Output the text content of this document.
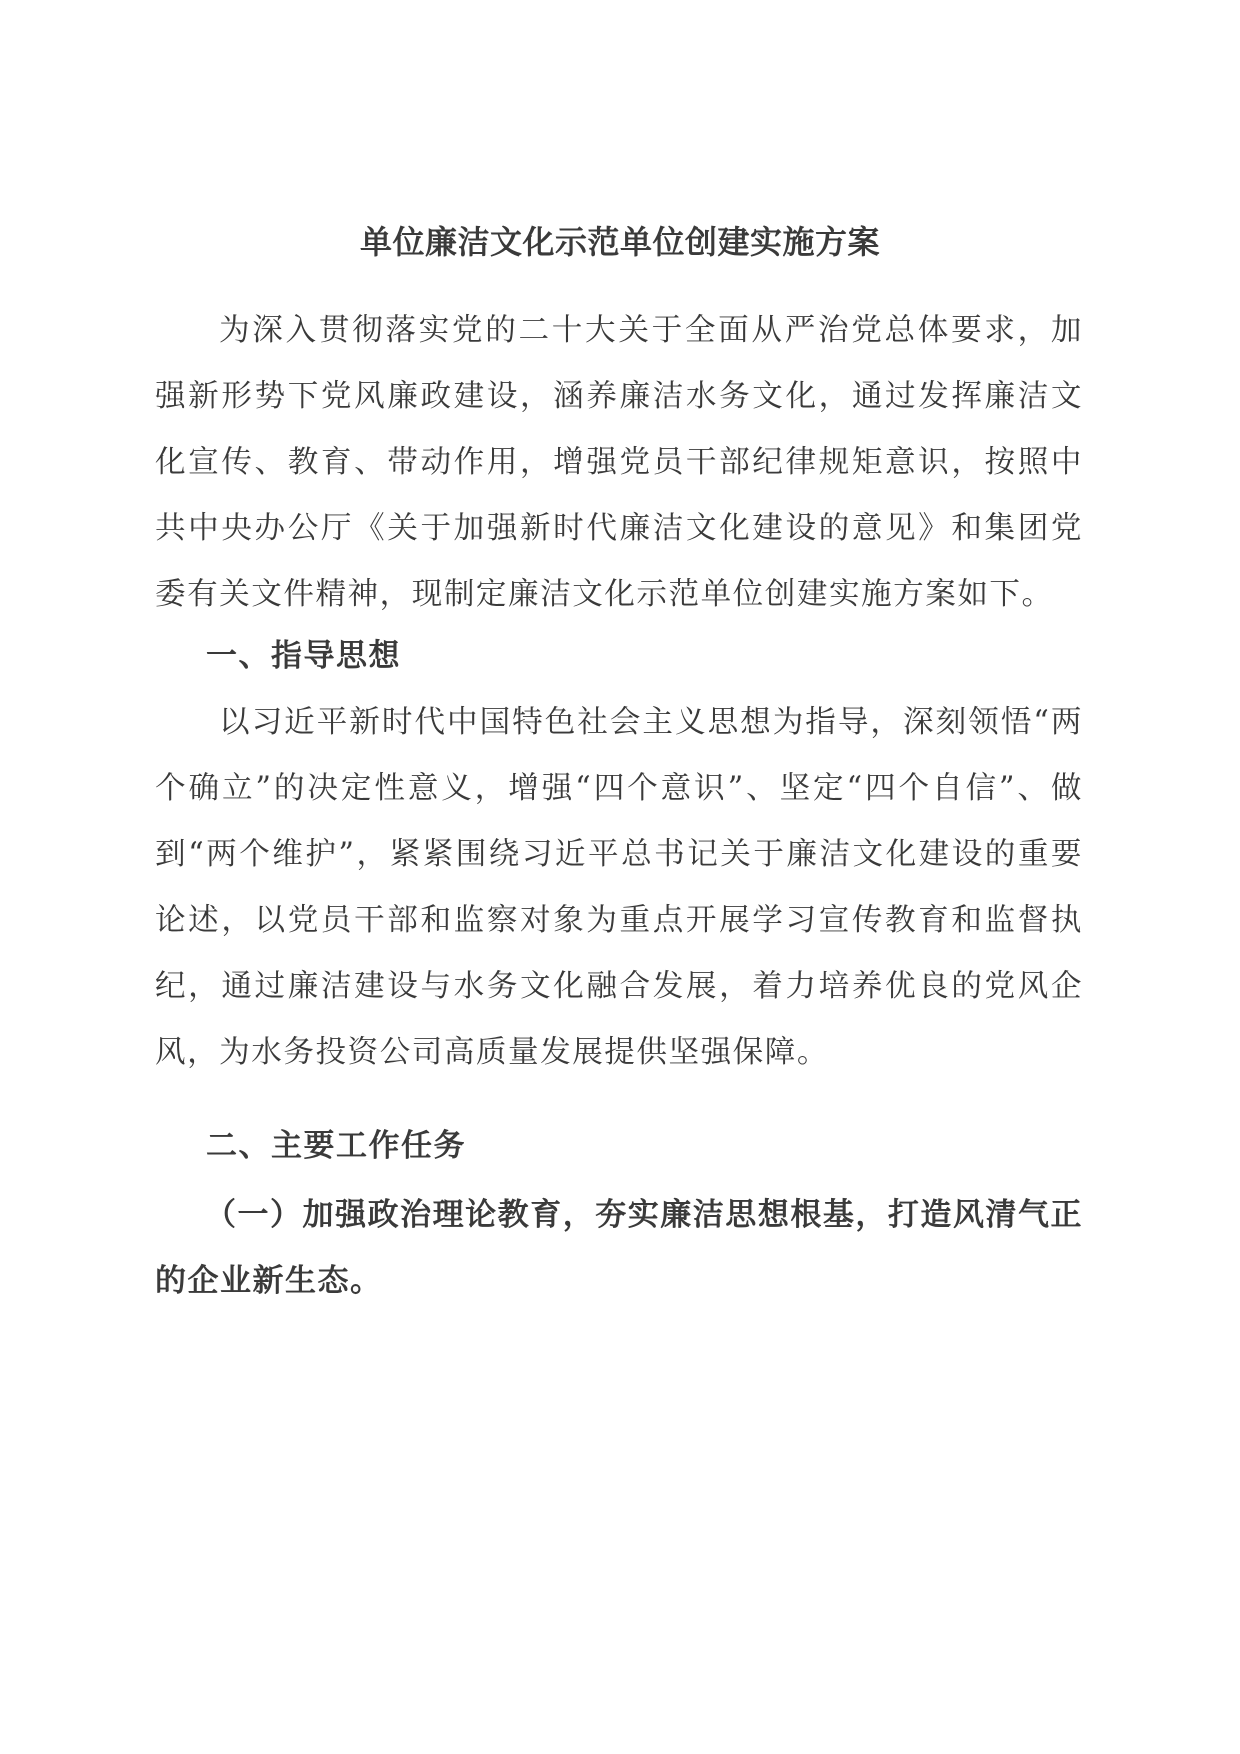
单位廉洁文化示范单位创建实施方案

为深入贯彻落实党的二十大关于全面从严治党总体要求，加强新形势下党风廉政建设，涵养廉洁水务文化，通过发挥廉洁文化宣传、教育、带动作用，增强党员干部纪律规矩意识，按照中共中央办公厅《关于加强新时代廉洁文化建设的意见》和集团党委有关文件精神，现制定廉洁文化示范单位创建实施方案如下。

一、指导思想

以习近平新时代中国特色社会主义思想为指导，深刻领悟“两个确立”的决定性意义，增强“四个意识”、坚定“四个自信”、做到“两个维护”，紧紧围绕习近平总书记关于廉洁文化建设的重要论述，以党员干部和监察对象为重点开展学习宣传教育和监督执纪，通过廉洁建设与水务文化融合发展，着力培养优良的党风企风，为水务投资公司高质量发展提供坚强保障。

二、主要工作任务

（一）加强政治理论教育，夯实廉洁思想根基，打造风清气正的企业新生态。
